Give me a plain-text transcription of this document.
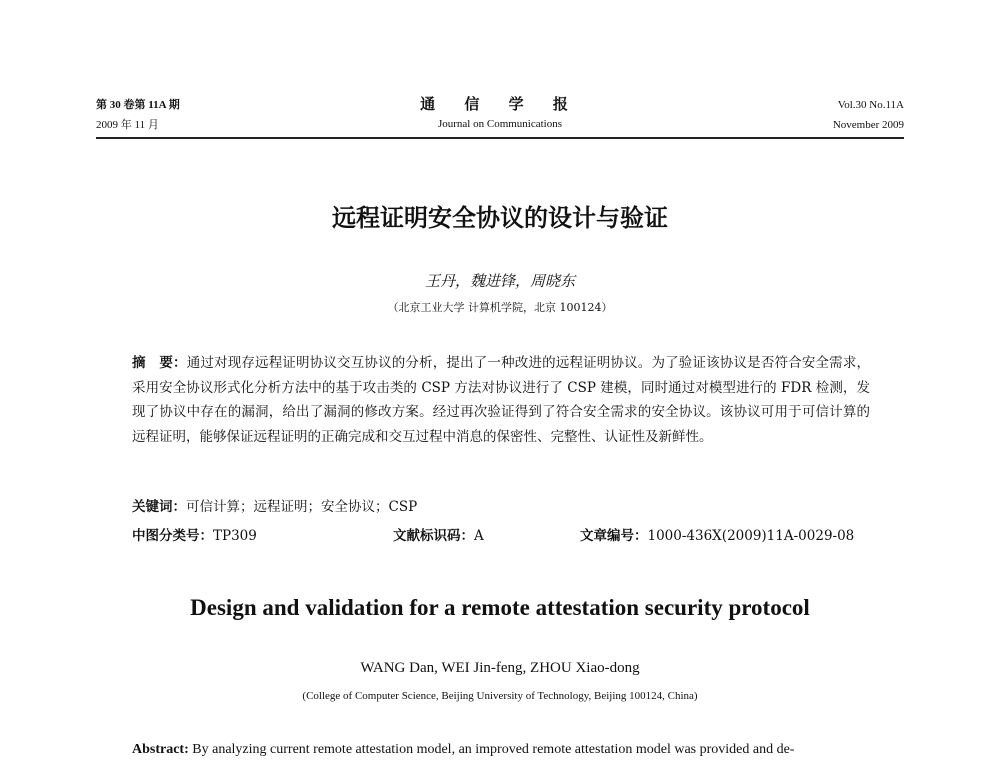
第 30 卷第 11A 期
2009 年 11 月
通 信 学 报
Journal on Communications
Vol.30 No.11A
November 2009
远程证明安全协议的设计与验证
王丹，魏进锋，周晓东
（北京工业大学 计算机学院，北京 100124）
摘　要：通过对现存远程证明协议交互协议的分析，提出了一种改进的远程证明协议。为了验证该协议是否符合安全需求，采用安全协议形式化分析方法中的基于攻击类的 CSP 方法对协议进行了 CSP 建模，同时通过对模型进行的 FDR 检测，发现了协议中存在的漏洞，给出了漏洞的修改方案。经过再次验证得到了符合安全需求的安全协议。该协议可用于可信计算的远程证明，能够保证远程证明的正确完成和交互过程中消息的保密性、完整性、认证性及新鲜性。
关键词：可信计算；远程证明；安全协议；CSP
中图分类号：TP309	文献标识码：A	文章编号：1000-436X(2009)11A-0029-08
Design and validation for a remote attestation security protocol
WANG Dan, WEI Jin-feng, ZHOU Xiao-dong
(College of Computer Science, Beijing University of Technology, Beijing 100124, China)
Abstract: By analyzing current remote attestation model, an improved remote attestation model was provided and de-
